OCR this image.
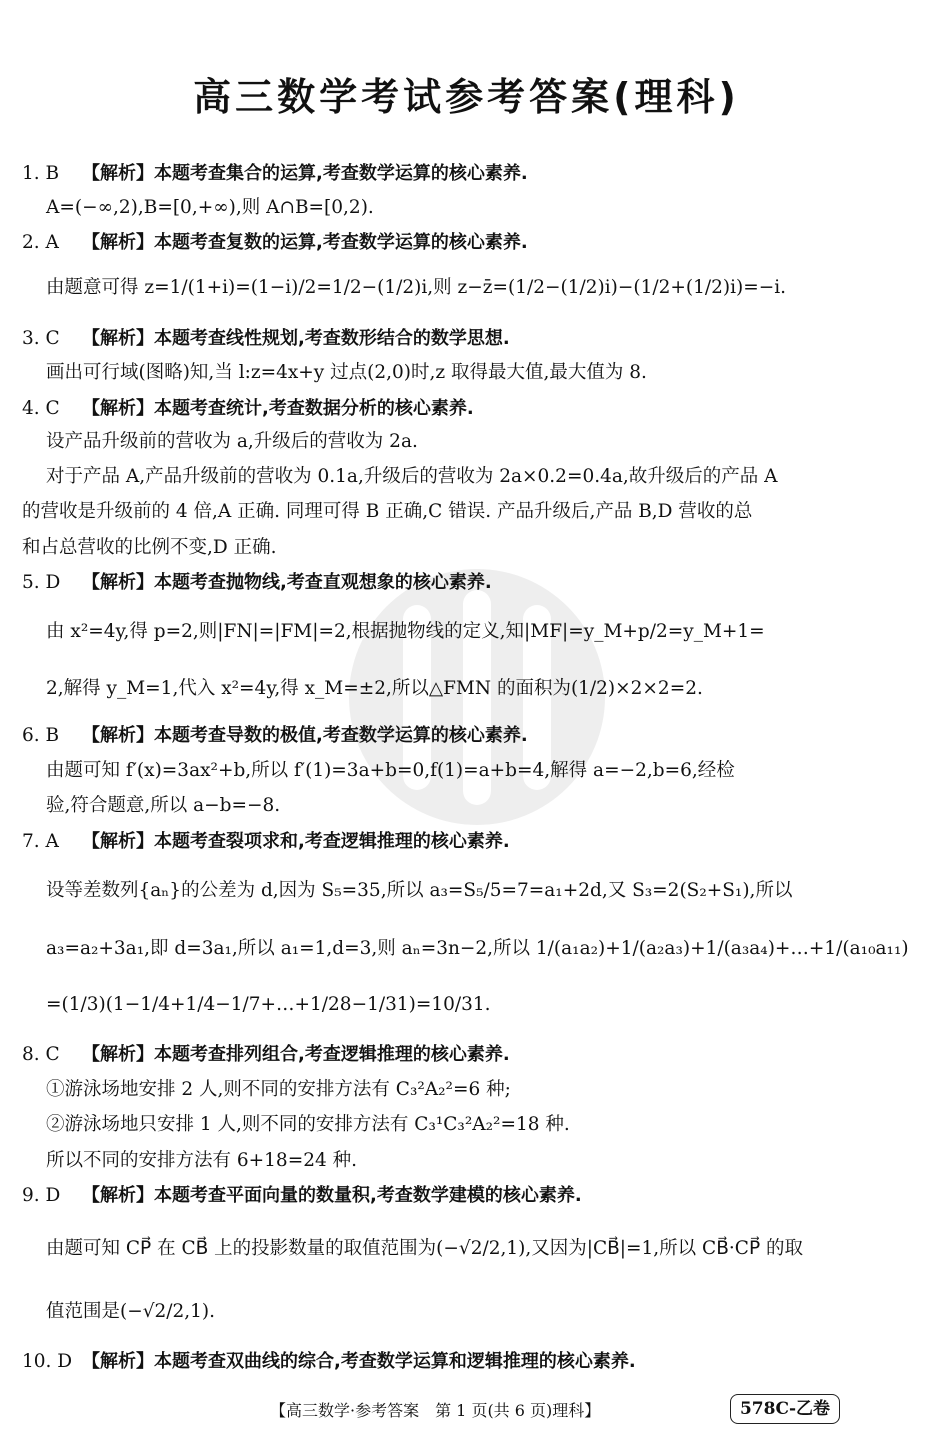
高三数学考试参考答案(理科)
1. B 【解析】本题考查集合的运算,考查数学运算的核心素养.
A=(−∞,2),B=[0,+∞),则 A∩B=[0,2).
2. A 【解析】本题考查复数的运算,考查数学运算的核心素养.
由题意可得 z=1/(1+i)=(1−i)/2=1/2−(1/2)i,则 z−z̄=(1/2−(1/2)i)−(1/2+(1/2)i)=−i.
3. C 【解析】本题考查线性规划,考查数形结合的数学思想.
画出可行域(图略)知,当 l:z=4x+y 过点(2,0)时,z 取得最大值,最大值为 8.
4. C 【解析】本题考查统计,考查数据分析的核心素养.
设产品升级前的营收为 a,升级后的营收为 2a.
对于产品 A,产品升级前的营收为 0.1a,升级后的营收为 2a×0.2=0.4a,故升级后的产品 A
的营收是升级前的 4 倍,A 正确. 同理可得 B 正确,C 错误. 产品升级后,产品 B,D 营收的总
和占总营收的比例不变,D 正确.
5. D 【解析】本题考查抛物线,考查直观想象的核心素养.
由 x²=4y,得 p=2,则|FN|=|FM|=2,根据抛物线的定义,知|MF|=y_M+p/2=y_M+1=
2,解得 y_M=1,代入 x²=4y,得 x_M=±2,所以△FMN 的面积为(1/2)×2×2=2.
6. B 【解析】本题考查导数的极值,考查数学运算的核心素养.
由题可知 f′(x)=3ax²+b,所以 f′(1)=3a+b=0,f(1)=a+b=4,解得 a=−2,b=6,经检
验,符合题意,所以 a−b=−8.
7. A 【解析】本题考查裂项求和,考查逻辑推理的核心素养.
设等差数列{aₙ}的公差为 d,因为 S₅=35,所以 a₃=S₅/5=7=a₁+2d,又 S₃=2(S₂+S₁),所以
a₃=a₂+3a₁,即 d=3a₁,所以 a₁=1,d=3,则 aₙ=3n−2,所以 1/(a₁a₂)+1/(a₂a₃)+1/(a₃a₄)+…+1/(a₁₀a₁₁)
=(1/3)(1−1/4+1/4−1/7+…+1/28−1/31)=10/31.
8. C 【解析】本题考查排列组合,考查逻辑推理的核心素养.
①游泳场地安排 2 人,则不同的安排方法有 C₃²A₂²=6 种;
②游泳场地只安排 1 人,则不同的安排方法有 C₃¹C₃²A₂²=18 种.
所以不同的安排方法有 6+18=24 种.
9. D 【解析】本题考查平面向量的数量积,考查数学建模的核心素养.
由题可知 CP⃗ 在 CB⃗ 上的投影数量的取值范围为(−√2/2,1),又因为|CB⃗|=1,所以 CB⃗·CP⃗ 的取
值范围是(−√2/2,1).
10. D 【解析】本题考查双曲线的综合,考查数学运算和逻辑推理的核心素养.
【高三数学·参考答案　第 1 页(共 6 页)理科】	578C-乙卷
